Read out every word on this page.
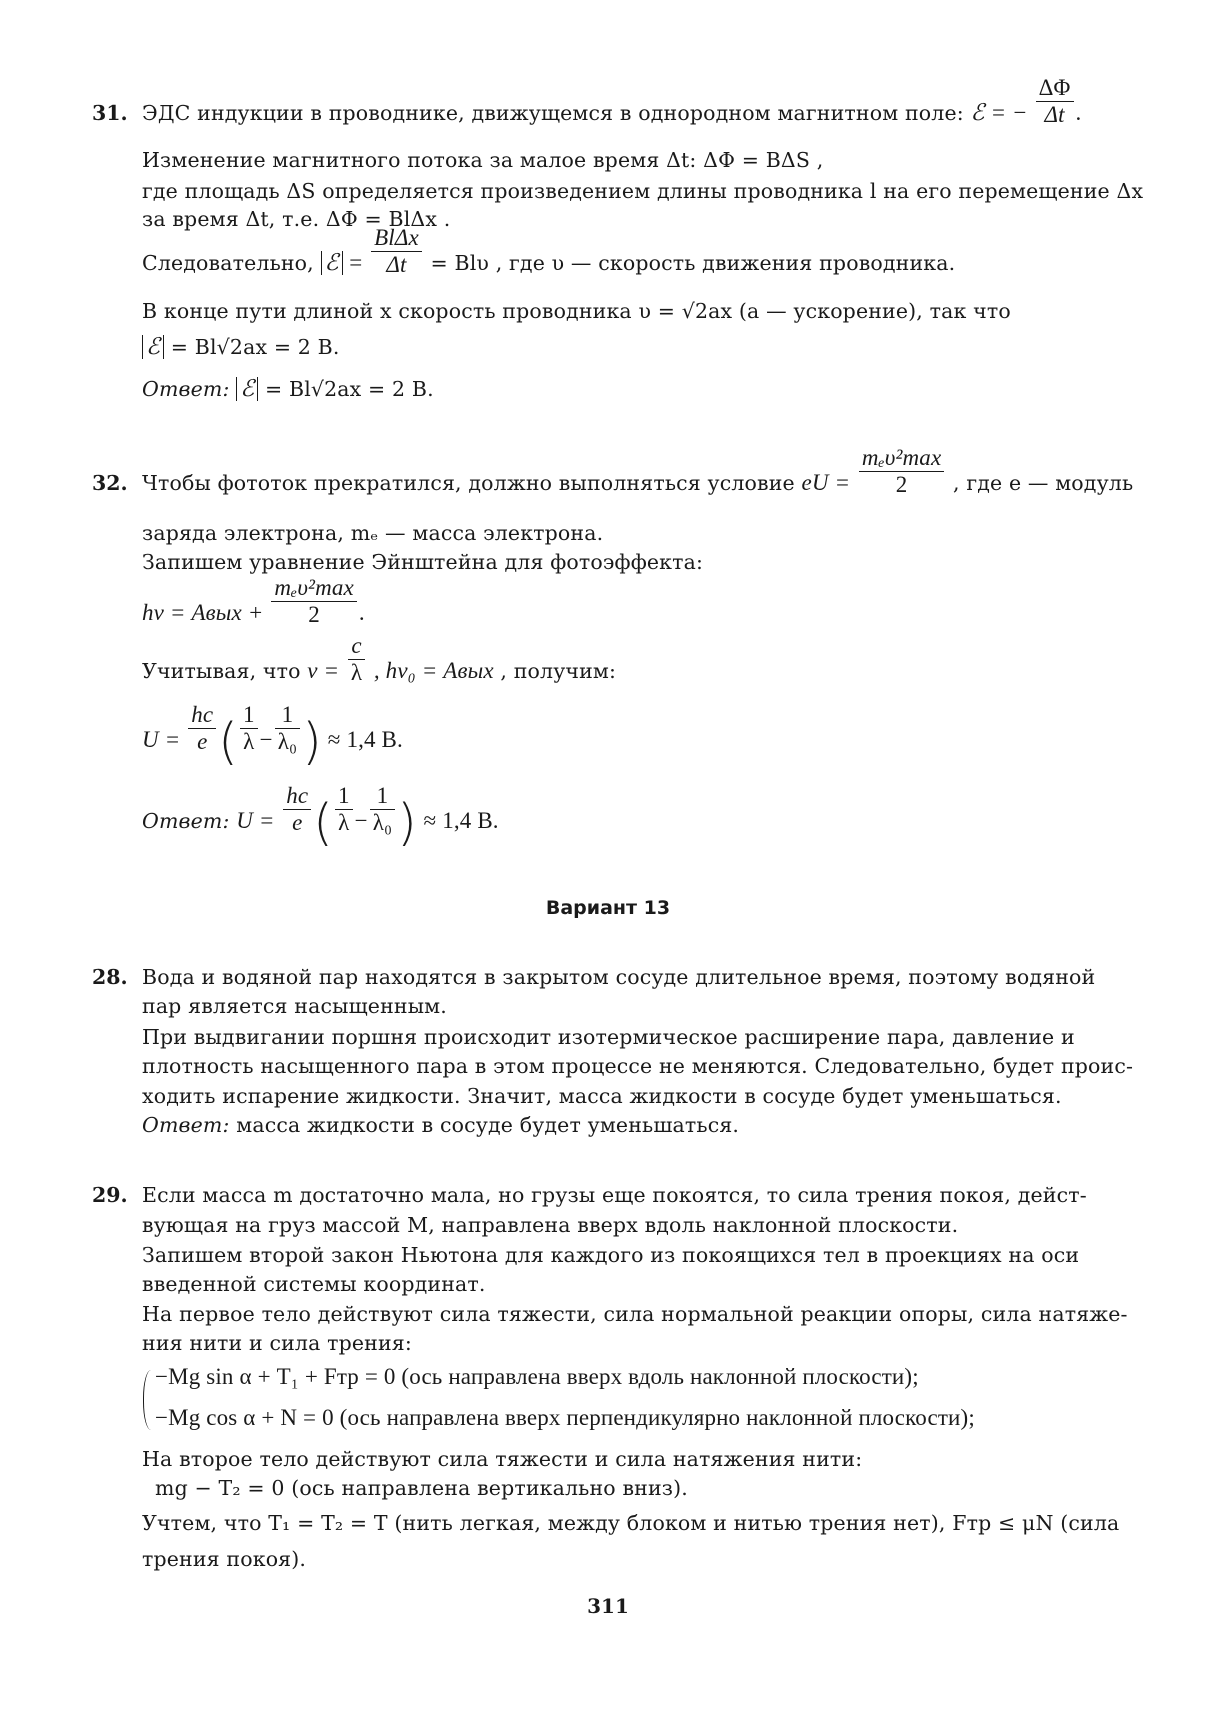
31. ЭДС индукции в проводнике, движущемся в однородном магнитном поле: ℰ = − $\frac{\Delta\Phi}{\Delta t}$ .
Изменение магнитного потока за малое время Δt: ΔΦ = BΔS ,
где площадь ΔS определяется произведением длины проводника l на его перемещение Δx
за время Δt, т.е. ΔΦ = BlΔx .
Следовательно, ℰ = $\frac{\text{BlΔx}}{\Delta t} = Bl\upsilon$ , где υ — скорость движения проводника.
В конце пути длиной x скорость проводника υ = √2ax (a — ускорение), так что
ℰ = Bl√2ax = 2 В.
Ответ: ℰ = Bl√2ax = 2 В.
32. Чтобы фототок прекратился, должно выполняться условие eU = $\frac{\text{mₑυ²max}}{2}$ , где e — модуль
заряда электрона, mₑ — масса электрона.
Запишем уравнение Эйнштейна для фотоэффекта:
hν = Aвых + $\frac{\text{mₑυ²max}}{2}$ .
Учитывая, что $\nu = \frac{c}{\lambda}$ , hν₀ = Aвых , получим:
$U = \frac{hc}{e}$ ( $\frac{1}{\lambda} - \frac{1}{\text{λ₀}}$ ) ≈ 1,4 В.
Ответ: $U = \frac{hc}{e}$ ( $\frac{1}{\lambda} - \frac{1}{\text{λ₀}}$ ) ≈ 1,4 В.
Вариант 13
28. Вода и водяной пар находятся в закрытом сосуде длительное время, поэтому водяной
пар является насыщенным.
При выдвигании поршня происходит изотермическое расширение пара, давление и
плотность насыщенного пара в этом процессе не меняются. Следовательно, будет проис-
ходить испарение жидкости. Значит, масса жидкости в сосуде будет уменьшаться.
Ответ: масса жидкости в сосуде будет уменьшаться.
29. Если масса m достаточно мала, но грузы еще покоятся, то сила трения покоя, дейст-
вующая на груз массой M, направлена вверх вдоль наклонной плоскости.
Запишем второй закон Ньютона для каждого из покоящихся тел в проекциях на оси
введенной системы координат.
На первое тело действуют сила тяжести, сила нормальной реакции опоры, сила натяже-
ния нити и сила трения:
−Mg sin α + T₁ + Fтр = 0 (ось направлена вверх вдоль наклонной плоскости);
−Mg cos α + N = 0 (ось направлена вверх перпендикулярно наклонной плоскости);
На второе тело действуют сила тяжести и сила натяжения нити:
mg − T₂ = 0 (ось направлена вертикально вниз).
Учтем, что T₁ = T₂ = T (нить легкая, между блоком и нитью трения нет), Fтр ≤ μN (сила
трения покоя).
311
